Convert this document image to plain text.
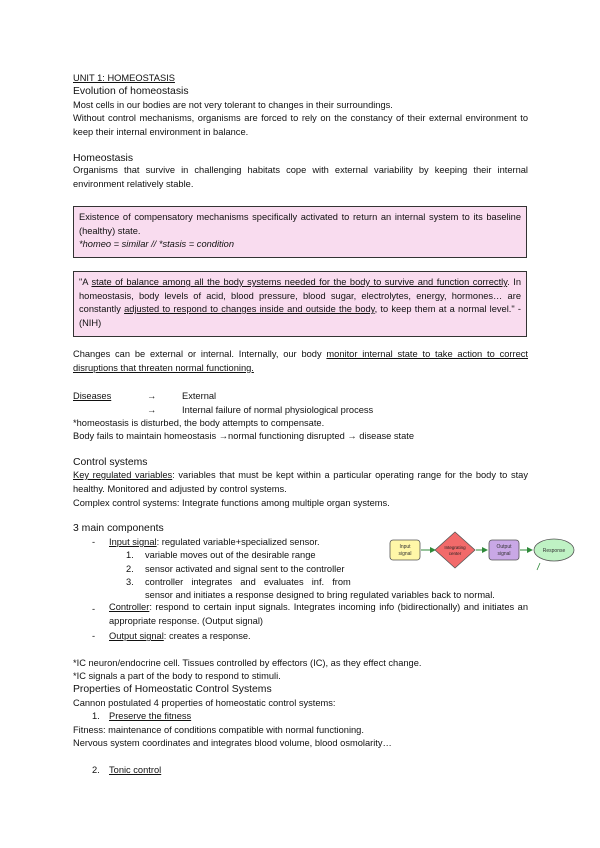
UNIT 1: HOMEOSTASIS
Evolution of homeostasis
Most cells in our bodies are not very tolerant to changes in their surroundings.
Without control mechanisms, organisms are forced to rely on the constancy of their external environment to keep their internal environment in balance.
Homeostasis
Organisms that survive in challenging habitats cope with external variability by keeping their internal environment relatively stable.
Existence of compensatory mechanisms specifically activated to return an internal system to its baseline (healthy) state.
*homeo = similar // *stasis = condition
"A state of balance among all the body systems needed for the body to survive and function correctly. In homeostasis, body levels of acid, blood pressure, blood sugar, electrolytes, energy, hormones… are constantly adjusted to respond to changes inside and outside the body, to keep them at a normal level." - (NIH)
Changes can be external or internal. Internally, our body monitor internal state to take action to correct disruptions that threaten normal functioning.
Diseases	→	External
→	Internal failure of normal physiological process
*homeostasis is disturbed, the body attempts to compensate.
Body fails to maintain homeostasis →normal functioning disrupted → disease state
Control systems
Key regulated variables: variables that must be kept within a particular operating range for the body to stay healthy. Monitored and adjusted by control systems.
Complex control systems: Integrate functions among multiple organ systems.
3 main components
- Input signal: regulated variable+specialized sensor.
1. variable moves out of the desirable range
2. sensor activated and signal sent to the controller
3. controller integrates and evaluates inf. from
sensor and initiates a response designed to bring regulated variables back to normal.
- Controller: respond to certain input signals. Integrates incoming info (bidirectionally) and initiates an appropriate response. (Output signal)
- Output signal: creates a response.
Input
signal
Integrating
center
Output
signal	Response
*IC neuron/endocrine cell. Tissues controlled by effectors (IC), as they effect change.
*IC signals a part of the body to respond to stimuli.
Properties of Homeostatic Control Systems
Cannon postulated 4 properties of homeostatic control systems:
1. Preserve the fitness
Fitness: maintenance of conditions compatible with normal functioning.
Nervous system coordinates and integrates blood volume, blood osmolarity…
2. Tonic control
